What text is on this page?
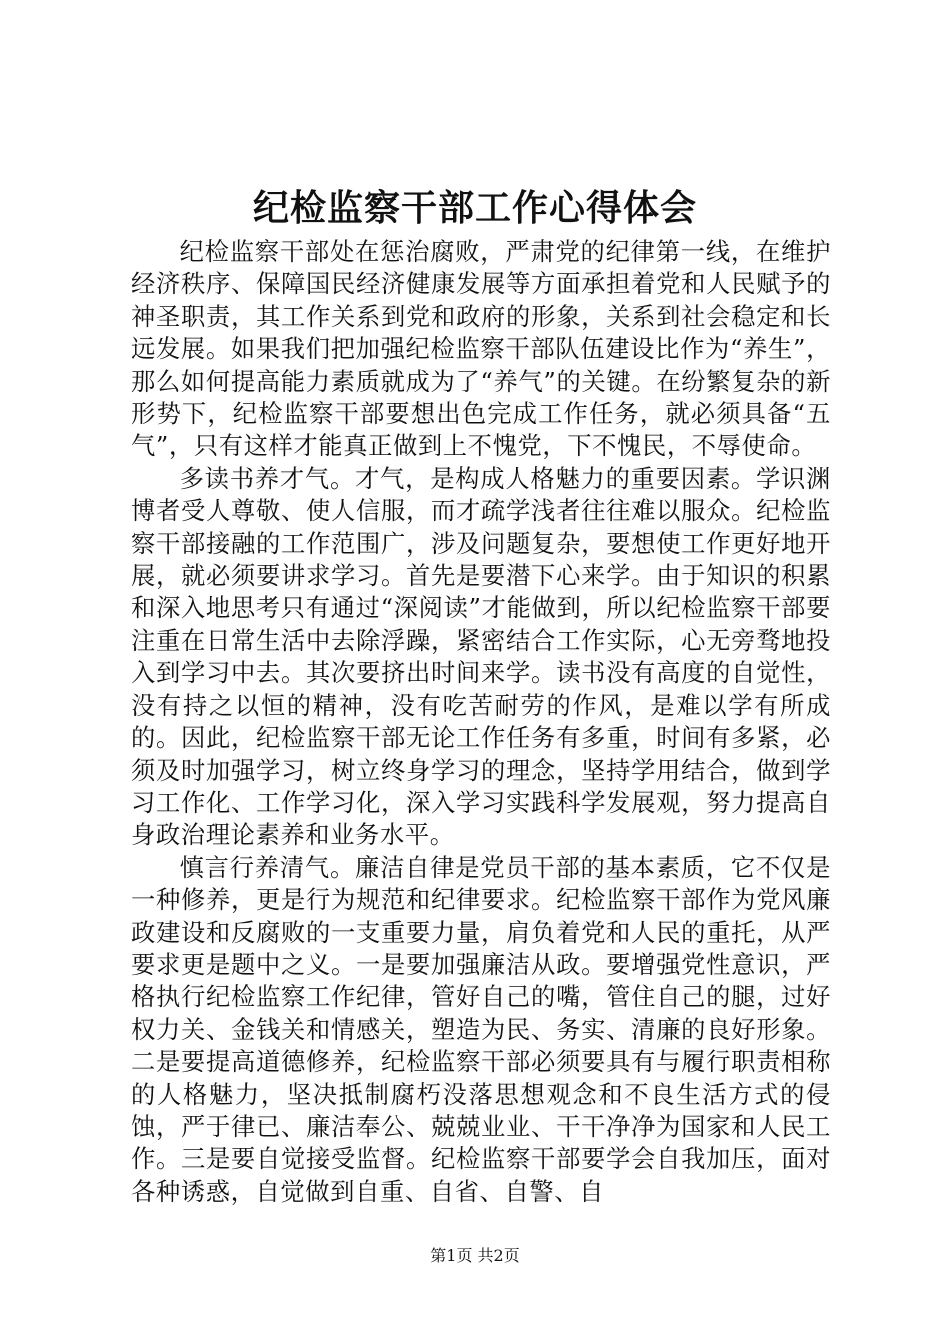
纪检监察干部工作心得体会

纪检监察干部处在惩治腐败，严肃党的纪律第一线，在维护经济秩序、保障国民经济健康发展等方面承担着党和人民赋予的神圣职责，其工作关系到党和政府的形象，关系到社会稳定和长远发展。如果我们把加强纪检监察干部队伍建设比作为“养生”，那么如何提高能力素质就成为了“养气”的关键。在纷繁复杂的新形势下，纪检监察干部要想出色完成工作任务，就必须具备“五气”，只有这样才能真正做到上不愧党，下不愧民，不辱使命。

多读书养才气。才气，是构成人格魅力的重要因素。学识渊博者受人尊敬、使人信服，而才疏学浅者往往难以服众。纪检监察干部接融的工作范围广，涉及问题复杂，要想使工作更好地开展，就必须要讲求学习。首先是要潜下心来学。由于知识的积累和深入地思考只有通过“深阅读”才能做到，所以纪检监察干部要注重在日常生活中去除浮躁，紧密结合工作实际，心无旁骛地投入到学习中去。其次要挤出时间来学。读书没有高度的自觉性，没有持之以恒的精神，没有吃苦耐劳的作风，是难以学有所成的。因此，纪检监察干部无论工作任务有多重，时间有多紧，必须及时加强学习，树立终身学习的理念，坚持学用结合，做到学习工作化、工作学习化，深入学习实践科学发展观，努力提高自身政治理论素养和业务水平。

慎言行养清气。廉洁自律是党员干部的基本素质，它不仅是一种修养，更是行为规范和纪律要求。纪检监察干部作为党风廉政建设和反腐败的一支重要力量，肩负着党和人民的重托，从严要求更是题中之义。一是要加强廉洁从政。要增强党性意识，严格执行纪检监察工作纪律，管好自己的嘴，管住自己的腿，过好权力关、金钱关和情感关，塑造为民、务实、清廉的良好形象。二是要提高道德修养，纪检监察干部必须要具有与履行职责相称的人格魅力，坚决抵制腐朽没落思想观念和不良生活方式的侵蚀，严于律已、廉洁奉公、兢兢业业、干干净净为国家和人民工作。三是要自觉接受监督。纪检监察干部要学会自我加压，面对各种诱惑，自觉做到自重、自省、自警、自

第1页 共2页
